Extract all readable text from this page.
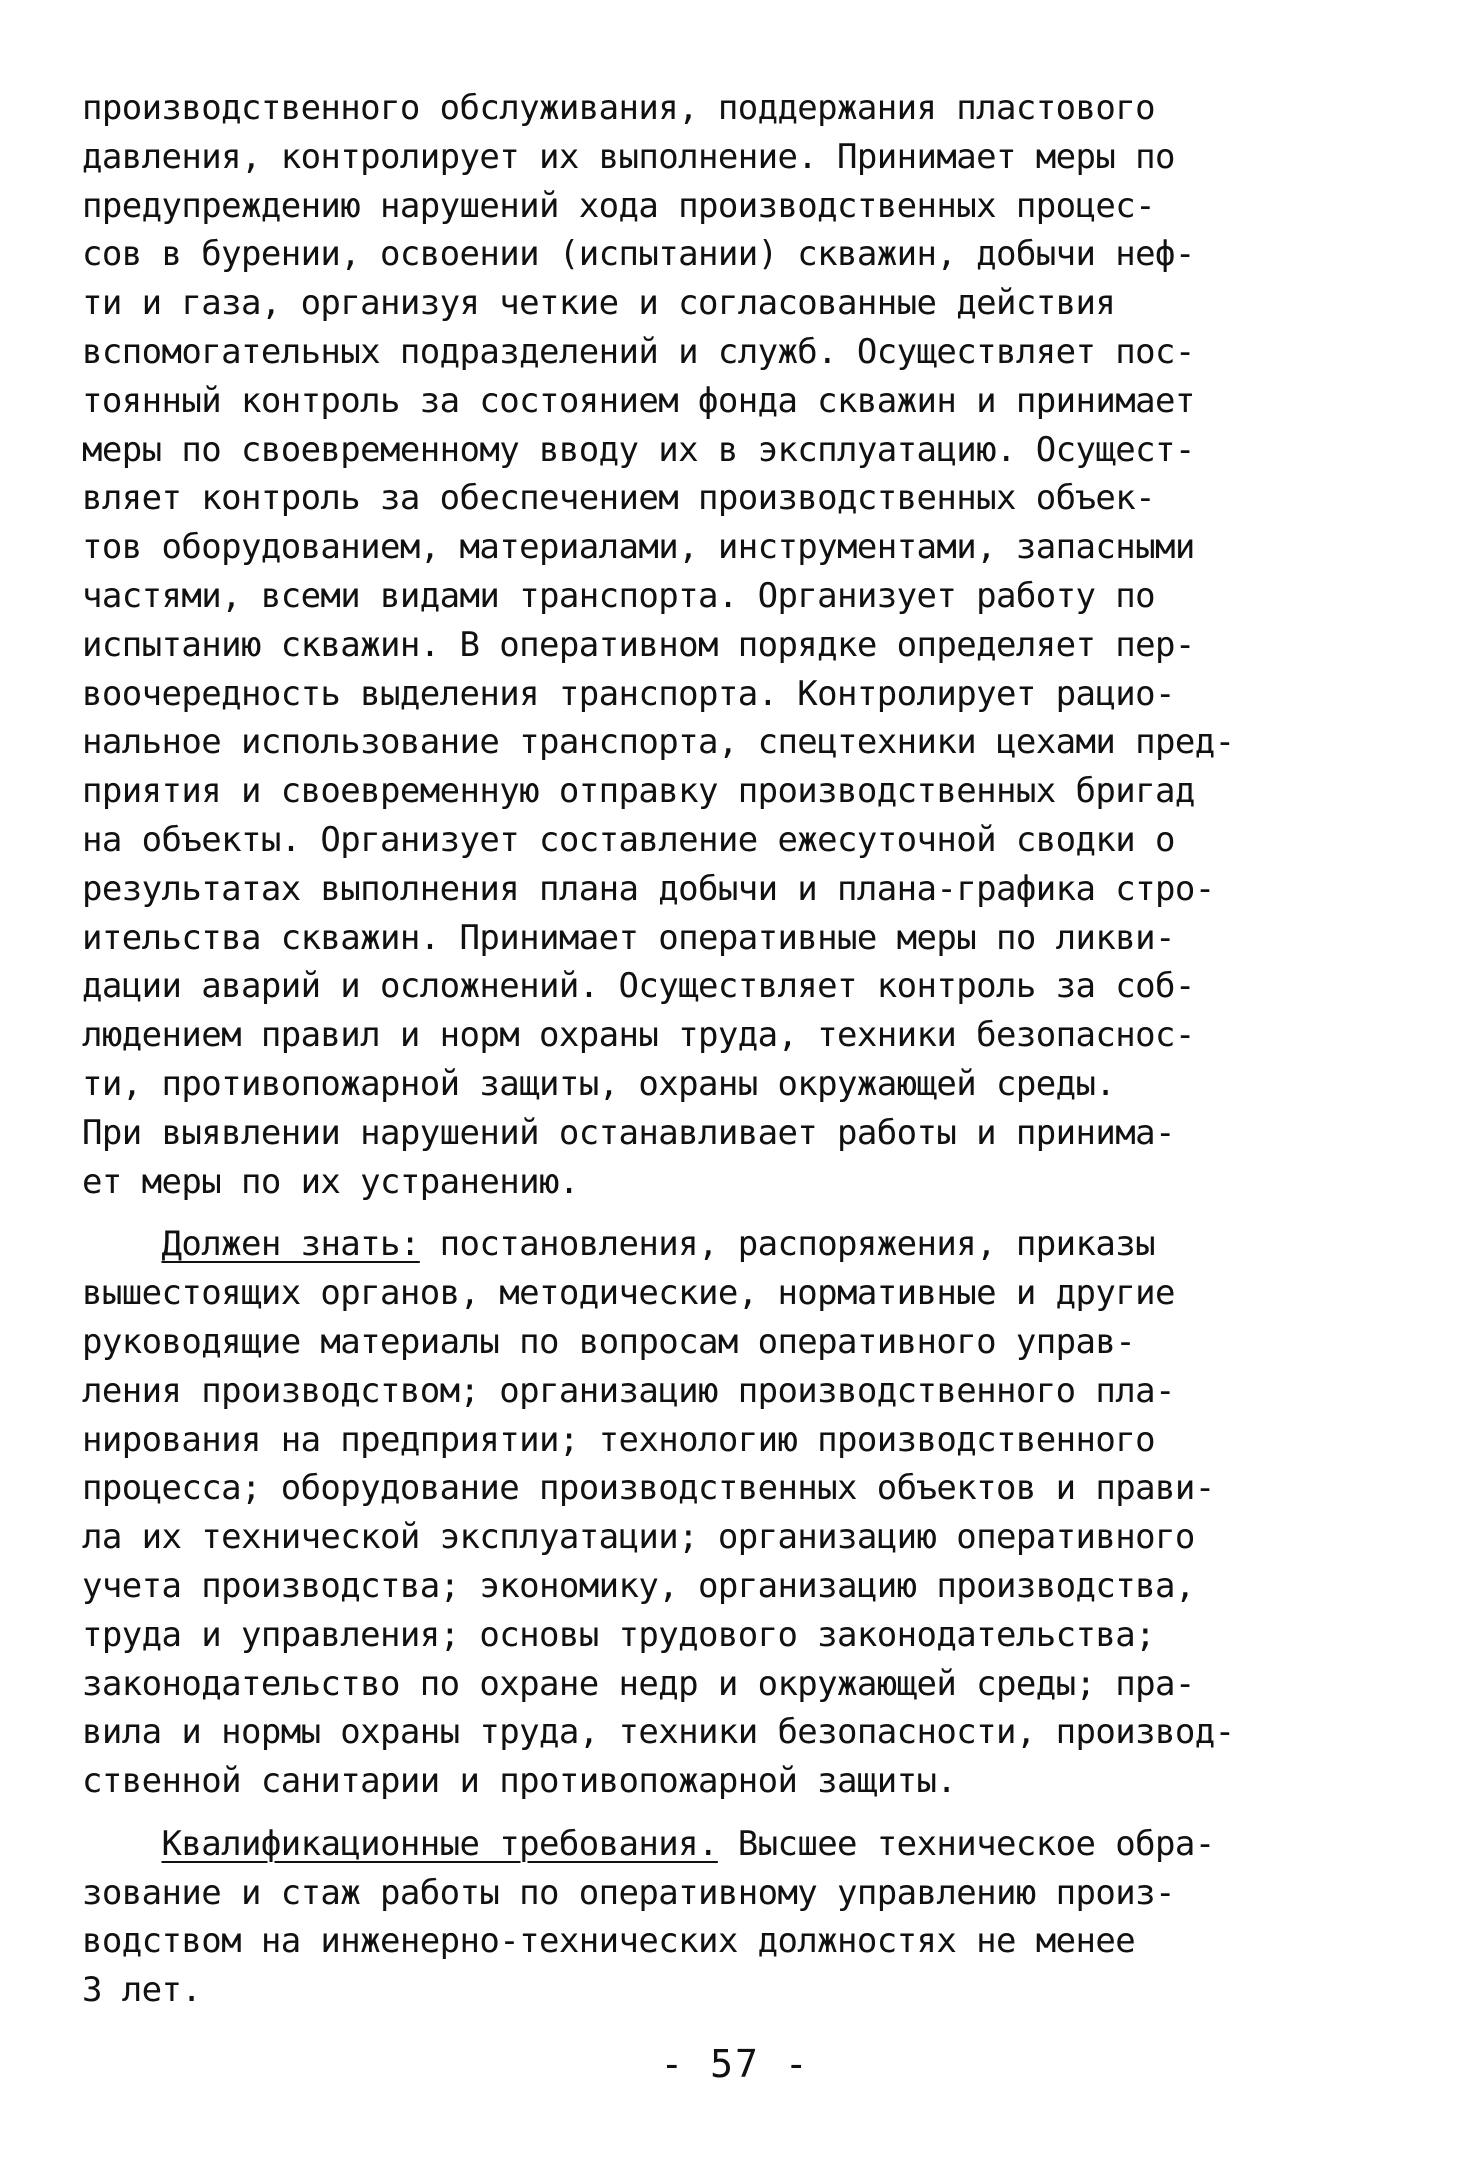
производственного обслуживания, поддержания пластового
давления, контролирует их выполнение. Принимает меры по
предупреждению нарушений хода производственных процес-
сов в бурении, освоении (испытании) скважин, добычи неф-
ти и газа, организуя четкие и согласованные действия
вспомогательных подразделений и служб. Осуществляет пос-
тоянный контроль за состоянием фонда скважин и принимает
меры по своевременному вводу их в эксплуатацию. Осущест-
вляет контроль за обеспечением производственных объек-
тов оборудованием, материалами, инструментами, запасными
частями, всеми видами транспорта. Организует работу по
испытанию скважин. В оперативном порядке определяет пер-
воочередность выделения транспорта. Контролирует рацио-
нальное использование транспорта, спецтехники цехами пред-
приятия и своевременную отправку производственных бригад
на объекты. Организует составление ежесуточной сводки о
результатах выполнения плана добычи и плана-графика стро-
ительства скважин. Принимает оперативные меры по ликви-
дации аварий и осложнений. Осуществляет контроль за соб-
людением правил и норм охраны труда, техники безопаснос-
ти, противопожарной защиты, охраны окружающей среды.
При выявлении нарушений останавливает работы и принима-
ет меры по их устранению.
Должен знать: постановления, распоряжения, приказы
вышестоящих органов, методические, нормативные и другие
руководящие материалы по вопросам оперативного управ-
ления производством; организацию производственного пла-
нирования на предприятии; технологию производственного
процесса; оборудование производственных объектов и прави-
ла их технической эксплуатации; организацию оперативного
учета производства; экономику, организацию производства,
труда и управления; основы трудового законодательства;
законодательство по охране недр и окружающей среды; пра-
вила и нормы охраны труда, техники безопасности, производ-
ственной санитарии и противопожарной защиты.
Квалификационные требования. Высшее техническое обра-
зование и стаж работы по оперативному управлению произ-
водством на инженерно-технических должностях не менее
3 лет.
- 57 -
